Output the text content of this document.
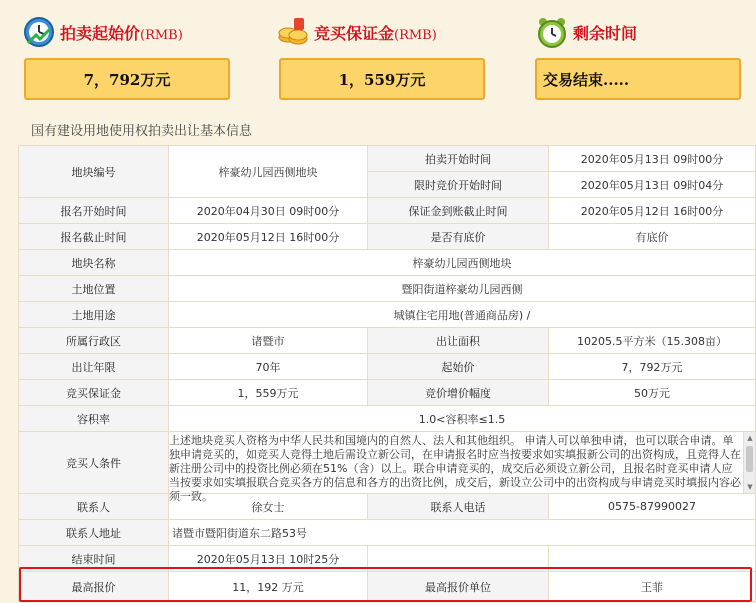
拍卖起始价(RMB)	竞买保证金(RMB)	剩余时间
7，792万元	1，559万元	交易结束.....
国有建设用地使用权拍卖出让基本信息
地块编号	梓豪幼儿园西侧地块	拍卖开始时间	2020年05月13日 09时00分
		限时竞价开始时间	2020年05月13日 09时04分
报名开始时间	2020年04月30日 09时00分	保证金到账截止时间	2020年05月12日 16时00分
报名截止时间	2020年05月12日 16时00分	是否有底价	有底价
地块名称	梓豪幼儿园西侧地块		
土地位置	暨阳街道梓豪幼儿园西侧		
土地用途	城镇住宅用地(普通商品房) /		
所属行政区	诸暨市	出让面积	10205.5平方米（15.308亩）
出让年限	70年	起始价	7，792万元
竞买保证金	1，559万元	竞价增价幅度	50万元
容积率	1.0<容积率≤1.5		
竞买人条件	上述地块竞买人资格为中华人民共和国境内的自然人、法人和其他组织。 申请人可以单独申请，也可以联合申请。单独申请竞买的，如竞买人竞得土地后需设立新公司，在申请报名时应当按要求如实填报新公司的出资构成，且竞得人在新注册公司中的投资比例必须在51%（含）以上。联合申请竞买的，成交后必须设立新公司，且报名时竞买申请人应当按要求如实填报联合竞买各方的信息和各方的出资比例，成交后，新设立公司中的出资构成与申请竞买时填报内容必须一致。
▲
▼		

联系人	徐女士	联系人电话	0575-87990027
联系人地址	诸暨市暨阳街道东二路53号		
结束时间	2020年05月13日 10时25分		
最高报价	11，192 万元	最高报价单位	王菲
